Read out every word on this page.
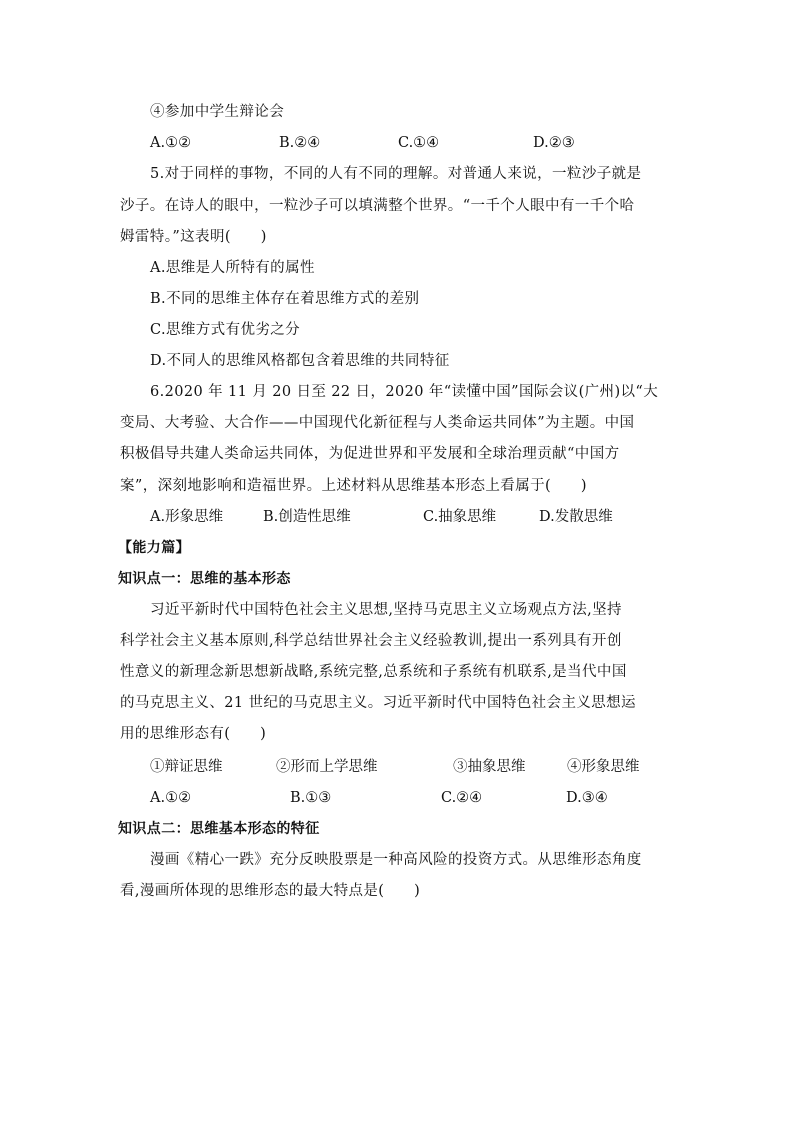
④参加中学生辩论会
A.①②	B.②④	C.①④	D.②③
5.对于同样的事物，不同的人有不同的理解。对普通人来说，一粒沙子就是
沙子。在诗人的眼中，一粒沙子可以填满整个世界。“一千个人眼中有一千个哈
姆雷特。”这表明(　　)
A.思维是人所特有的属性
B.不同的思维主体存在着思维方式的差别
C.思维方式有优劣之分
D.不同人的思维风格都包含着思维的共同特征
6.2020 年 11 月 20 日至 22 日，2020 年“读懂中国”国际会议(广州)以“大
变局、大考验、大合作——中国现代化新征程与人类命运共同体”为主题。中国
积极倡导共建人类命运共同体，为促进世界和平发展和全球治理贡献“中国方
案”，深刻地影响和造福世界。上述材料从思维基本形态上看属于(　　)
A.形象思维	B.创造性思维	C.抽象思维	D.发散思维
【能力篇】
知识点一：思维的基本形态
习近平新时代中国特色社会主义思想,坚持马克思主义立场观点方法,坚持
科学社会主义基本原则,科学总结世界社会主义经验教训,提出一系列具有开创
性意义的新理念新思想新战略,系统完整,总系统和子系统有机联系,是当代中国
的马克思主义、21 世纪的马克思主义。习近平新时代中国特色社会主义思想运
用的思维形态有(　　)
①辩证思维	②形而上学思维	③抽象思维	④形象思维
A.①②	B.①③	C.②④	D.③④
知识点二：思维基本形态的特征
漫画《精心一跌》充分反映股票是一种高风险的投资方式。从思维形态角度
看,漫画所体现的思维形态的最大特点是(　　)
